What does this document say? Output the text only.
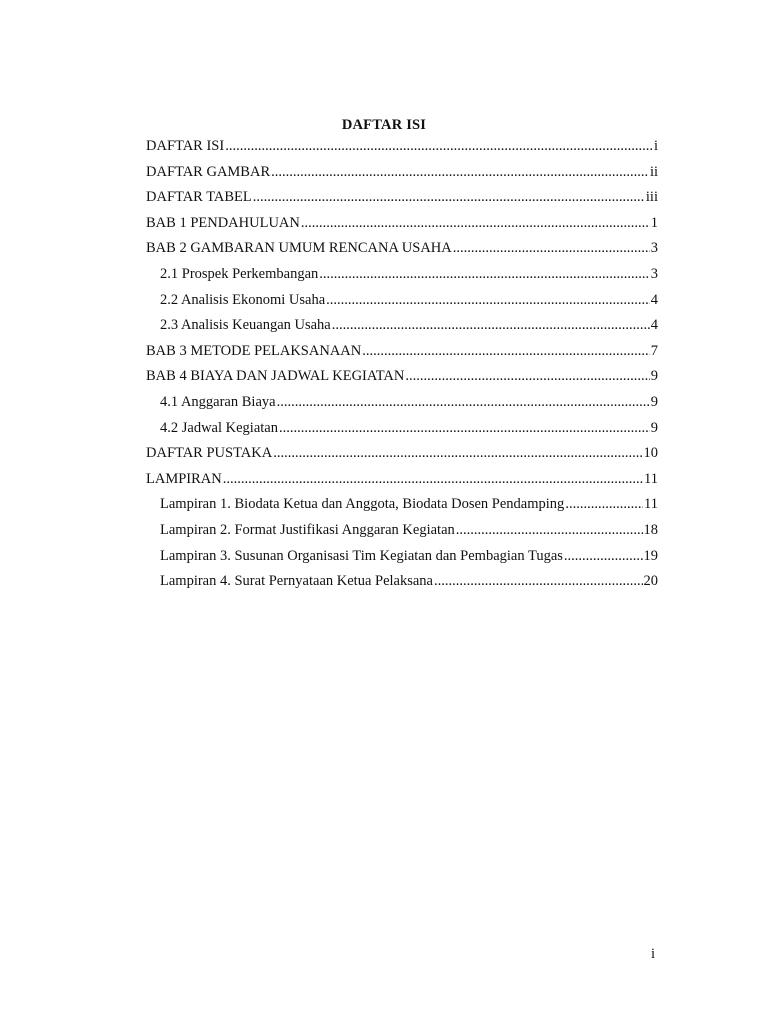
DAFTAR ISI
DAFTAR ISI .....	i
DAFTAR GAMBAR .....	ii
DAFTAR TABEL .....	iii
BAB 1 PENDAHULUAN .....	1
BAB 2 GAMBARAN UMUM RENCANA USAHA .....	3
2.1 Prospek Perkembangan .....	3
2.2 Analisis Ekonomi Usaha .....	4
2.3 Analisis Keuangan Usaha .....	4
BAB 3 METODE PELAKSANAAN .....	7
BAB 4 BIAYA DAN JADWAL KEGIATAN .....	9
4.1 Anggaran Biaya .....	9
4.2 Jadwal Kegiatan .....	9
DAFTAR PUSTAKA .....	10
LAMPIRAN .....	11
Lampiran 1. Biodata Ketua dan Anggota, Biodata Dosen Pendamping .....	11
Lampiran 2. Format Justifikasi Anggaran Kegiatan .....	18
Lampiran 3. Susunan Organisasi Tim Kegiatan dan Pembagian Tugas .....	19
Lampiran 4. Surat Pernyataan Ketua Pelaksana .....	20
i
